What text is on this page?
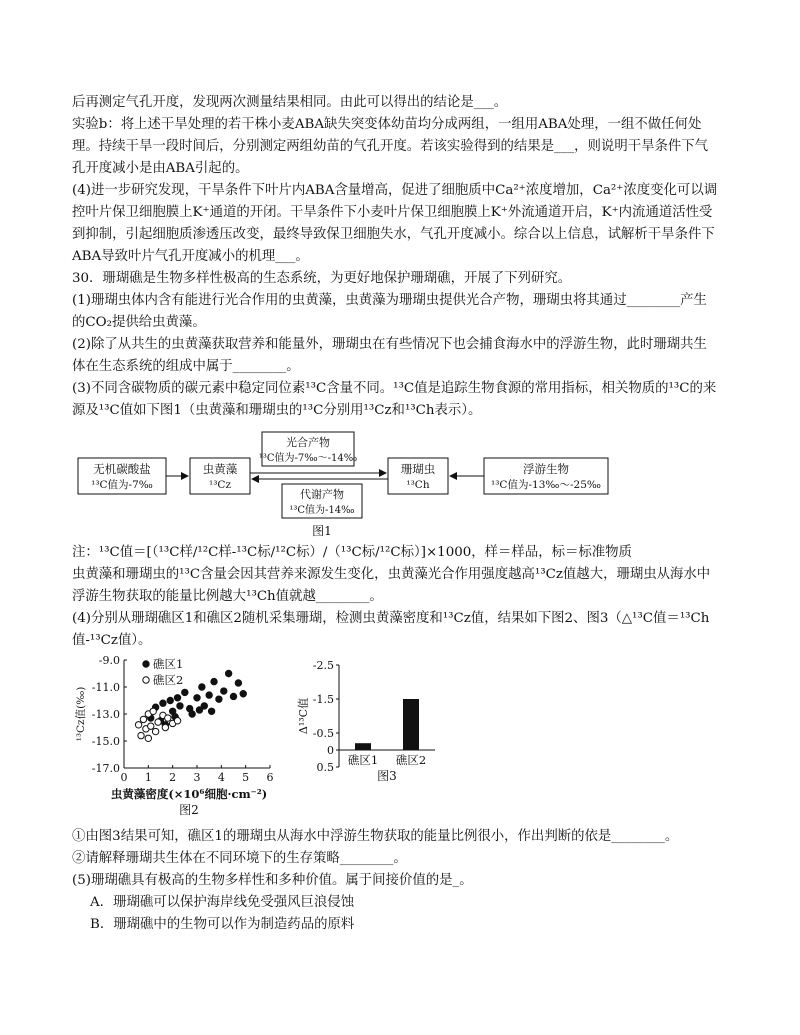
后再测定气孔开度，发现两次测量结果相同。由此可以得出的结论是___。
实验b：将上述干旱处理的若干株小麦ABA缺失突变体幼苗均分成两组，一组用ABA处理，一组不做任何处
理。持续干旱一段时间后，分别测定两组幼苗的气孔开度。若该实验得到的结果是___，则说明干旱条件下气
孔开度减小是由ABA引起的。
(4)进一步研究发现，干旱条件下叶片内ABA含量增高，促进了细胞质中Ca²⁺浓度增加，Ca²⁺浓度变化可以调
控叶片保卫细胞膜上K⁺通道的开闭。干旱条件下小麦叶片保卫细胞膜上K⁺外流通道开启，K⁺内流通道活性受
到抑制，引起细胞质渗透压改变，最终导致保卫细胞失水，气孔开度减小。综合以上信息，试解析干旱条件下
ABA导致叶片气孔开度减小的机理___。
30．珊瑚礁是生物多样性极高的生态系统，为更好地保护珊瑚礁，开展了下列研究。
(1)珊瑚虫体内含有能进行光合作用的虫黄藻，虫黄藻为珊瑚虫提供光合产物，珊瑚虫将其通过________产生
的CO₂提供给虫黄藻。
(2)除了从共生的虫黄藻获取营养和能量外，珊瑚虫在有些情况下也会捕食海水中的浮游生物，此时珊瑚共生
体在生态系统的组成中属于________。
(3)不同含碳物质的碳元素中稳定同位素¹³C含量不同。¹³C值是追踪生物食源的常用指标，相关物质的¹³C的来
源及¹³C值如下图1（虫黄藻和珊瑚虫的¹³C分别用¹³Cz和¹³Ch表示）。
无机碳酸盐
¹³C值为-7‰
虫黄藻
¹³Cz
光合产物
¹³C值为-7‰～-14‰
代谢产物
¹³C值为-14‰
珊瑚虫
¹³Ch
浮游生物
¹³C值为-13‰～-25‰
图1
注：¹³C值＝[（¹³C样/¹²C样-¹³C标/¹²C标）/（¹³C标/¹²C标）]×1000，样＝样品，标＝标准物质
虫黄藻和珊瑚虫的¹³C含量会因其营养来源发生变化，虫黄藻光合作用强度越高¹³Cz值越大，珊瑚虫从海水中
浮游生物获取的能量比例越大¹³Ch值就越________。
(4)分别从珊瑚礁区1和礁区2随机采集珊瑚，检测虫黄藻密度和¹³Cz值，结果如下图2、图3（△¹³C值＝¹³Ch
值-¹³Cz值）。
-9.0
-11.0
-13.0
-15.0
-17.0
0 1 2 3 4 5 6
¹³Cz值(‰)
虫黄藻密度(×10⁶细胞·cm⁻²)
图2
礁区1
礁区2
-2.5
-1.5
-0.5
0
0.5
Δ¹³C值
礁区1 礁区2
图3
①由图3结果可知，礁区1的珊瑚虫从海水中浮游生物获取的能量比例很小，作出判断的依是________。
②请解释珊瑚共生体在不同环境下的生存策略________。
(5)珊瑚礁具有极高的生物多样性和多种价值。属于间接价值的是_。
A．珊瑚礁可以保护海岸线免受强风巨浪侵蚀
B．珊瑚礁中的生物可以作为制造药品的原料
